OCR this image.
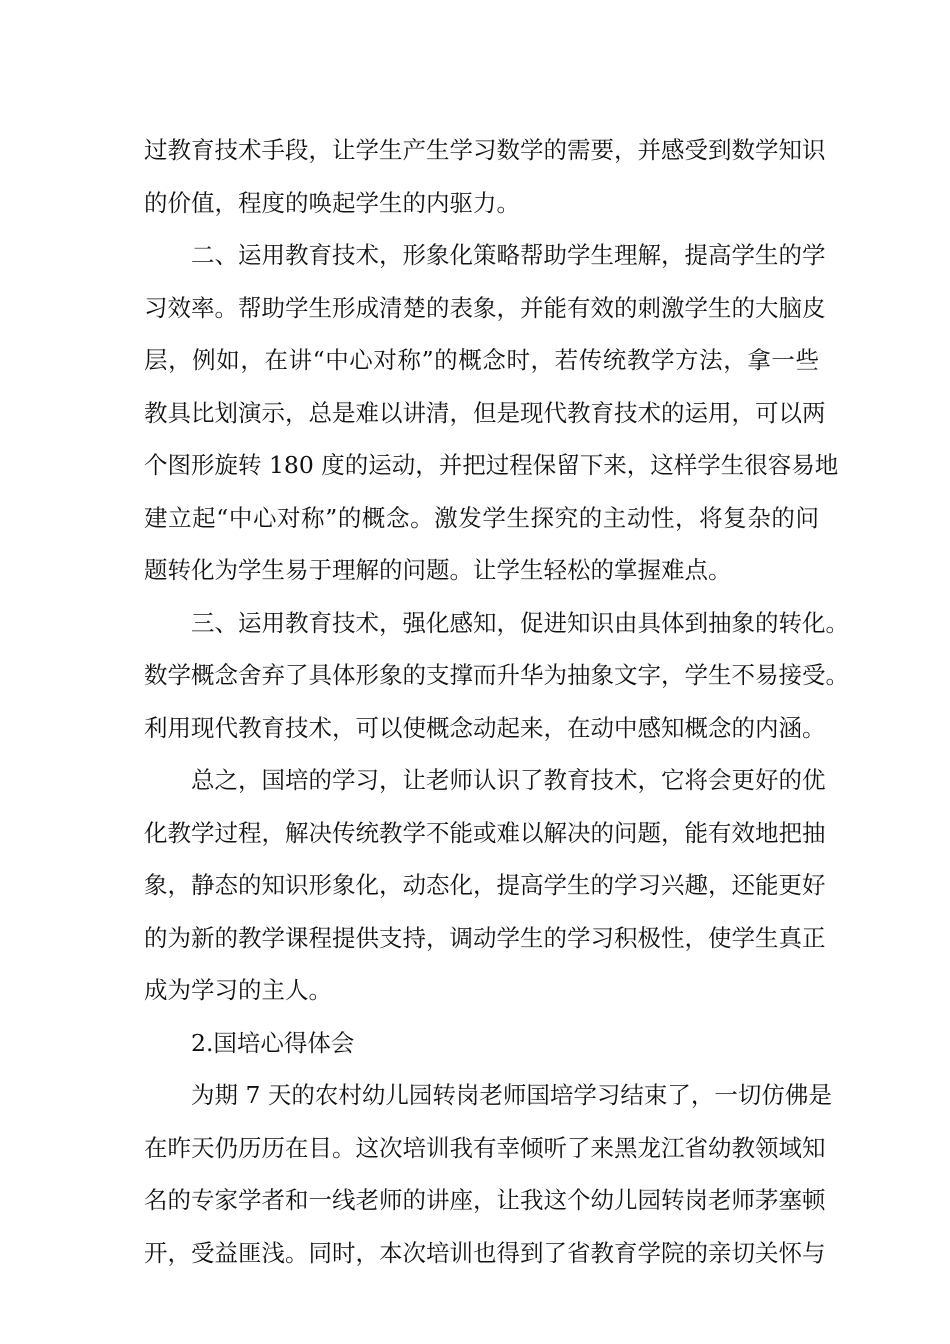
过教育技术手段，让学生产生学习数学的需要，并感受到数学知识
的价值，程度的唤起学生的内驱力。
二、运用教育技术，形象化策略帮助学生理解，提高学生的学
习效率。帮助学生形成清楚的表象，并能有效的刺激学生的大脑皮
层，例如，在讲“中心对称”的概念时，若传统教学方法，拿一些
教具比划演示，总是难以讲清，但是现代教育技术的运用，可以两
个图形旋转 180 度的运动，并把过程保留下来，这样学生很容易地
建立起“中心对称”的概念。激发学生探究的主动性，将复杂的问
题转化为学生易于理解的问题。让学生轻松的掌握难点。
三、运用教育技术，强化感知，促进知识由具体到抽象的转化。
数学概念舍弃了具体形象的支撑而升华为抽象文字，学生不易接受。
利用现代教育技术，可以使概念动起来，在动中感知概念的内涵。
总之，国培的学习，让老师认识了教育技术，它将会更好的优
化教学过程，解决传统教学不能或难以解决的问题，能有效地把抽
象，静态的知识形象化，动态化，提高学生的学习兴趣，还能更好
的为新的教学课程提供支持，调动学生的学习积极性，使学生真正
成为学习的主人。
2.国培心得体会
为期 7 天的农村幼儿园转岗老师国培学习结束了，一切仿佛是
在昨天仍历历在目。这次培训我有幸倾听了来黑龙江省幼教领域知
名的专家学者和一线老师的讲座，让我这个幼儿园转岗老师茅塞顿
开，受益匪浅。同时，本次培训也得到了省教育学院的亲切关怀与
